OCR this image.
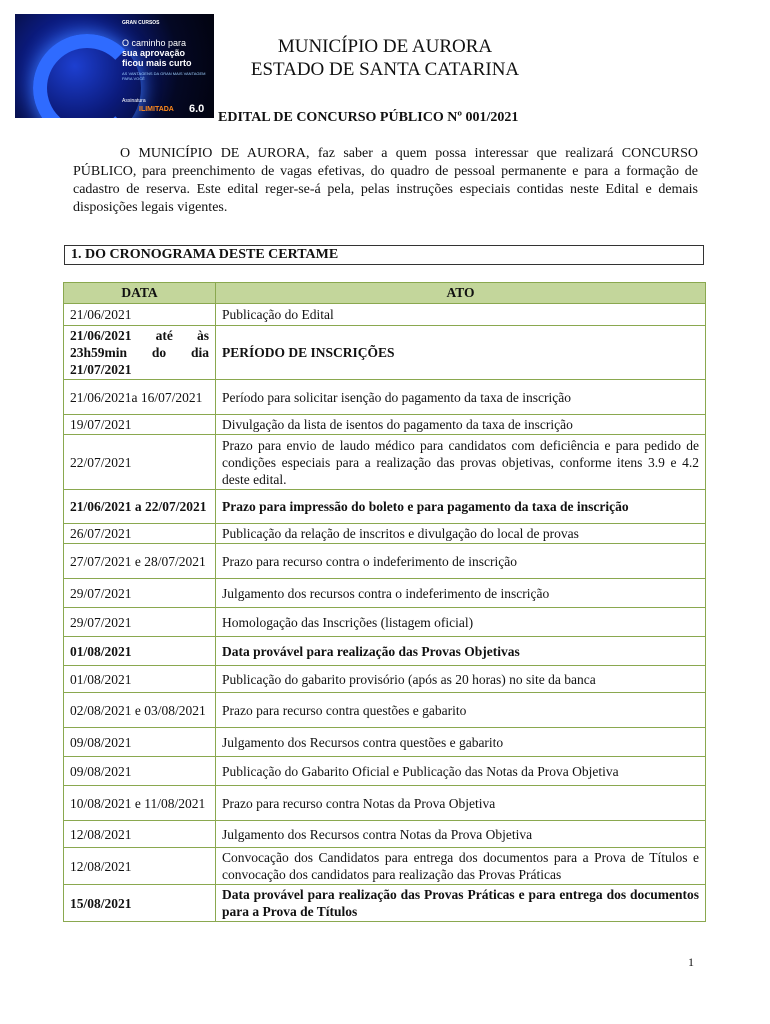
GRAN CURSOS
O caminho para
sua aprovação
ficou mais curto
AS VANTAGENS DA GRAN MAIS VANTAGEM PARA VOCÊ
Assinatura
ILIMITADA 6.0
MUNICÍPIO DE AURORA
ESTADO DE SANTA CATARINA
EDITAL DE CONCURSO PÚBLICO Nº 001/2021

O MUNICÍPIO DE AURORA, faz saber a quem possa interessar que realizará CONCURSO PÚBLICO, para preenchimento de vagas efetivas, do quadro de pessoal permanente e para a formação de cadastro de reserva. Este edital reger-se-á pela, pelas instruções especiais contidas neste Edital e demais disposições legais vigentes.

1. DO CRONOGRAMA DESTE CERTAME
DATA	ATO
21/06/2021	Publicação do Edital
21/06/2021 até às 23h59min do dia 21/07/2021	PERÍODO DE INSCRIÇÕES
21/06/2021a 16/07/2021	Período para solicitar isenção do pagamento da taxa de inscrição
19/07/2021	Divulgação da lista de isentos do pagamento da taxa de inscrição
22/07/2021	Prazo para envio de laudo médico para candidatos com deficiência e para pedido de condições especiais para a realização das provas objetivas, conforme itens 3.9 e 4.2 deste edital.
21/06/2021 a 22/07/2021	Prazo para impressão do boleto e para pagamento da taxa de inscrição
26/07/2021	Publicação da relação de inscritos e divulgação do local de provas
27/07/2021 e 28/07/2021	Prazo para recurso contra o indeferimento de inscrição
29/07/2021	Julgamento dos recursos contra o indeferimento de inscrição
29/07/2021	Homologação das Inscrições (listagem oficial)
01/08/2021	Data provável para realização das Provas Objetivas
01/08/2021	Publicação do gabarito provisório (após as 20 horas) no site da banca
02/08/2021 e 03/08/2021	Prazo para recurso contra questões e gabarito
09/08/2021	Julgamento dos Recursos contra questões e gabarito
09/08/2021	Publicação do Gabarito Oficial e Publicação das Notas da Prova Objetiva
10/08/2021 e 11/08/2021	Prazo para recurso contra Notas da Prova Objetiva
12/08/2021	Julgamento dos Recursos contra Notas da Prova Objetiva
12/08/2021	Convocação dos Candidatos para entrega dos documentos para a Prova de Títulos e convocação dos candidatos para realização das Provas Práticas
15/08/2021	Data provável para realização das Provas Práticas e para entrega dos documentos para a Prova de Títulos
1
